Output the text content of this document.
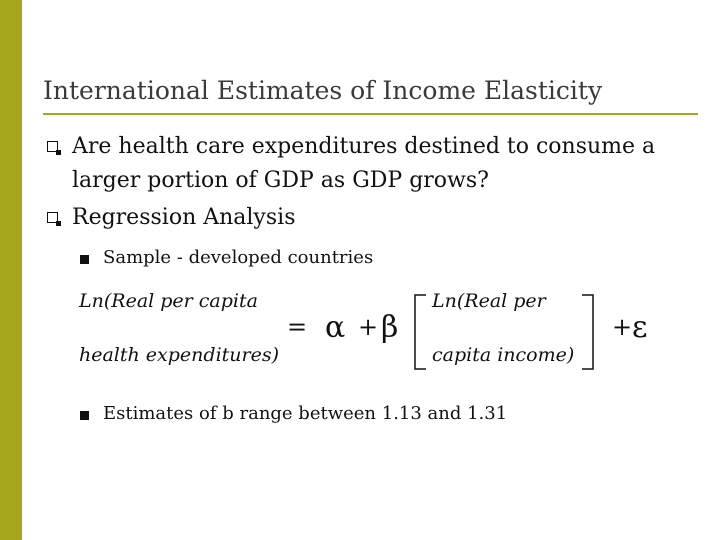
International Estimates of Income Elasticity
Are health care expenditures destined to consume a
larger portion of GDP as GDP grows?
Regression Analysis
Sample - developed countries
Ln(Real per capita
health expenditures)
= α + β
Ln(Real per
capita income)
+ ε
Estimates of b range between 1.13 and 1.31
